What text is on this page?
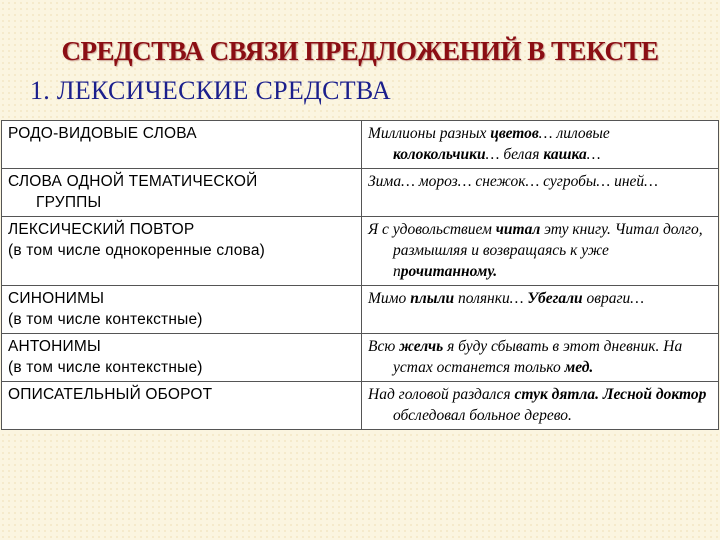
СРЕДСТВА СВЯЗИ ПРЕДЛОЖЕНИЙ В ТЕКСТЕ
1. ЛЕКСИЧЕСКИЕ СРЕДСТВА
РОДО-ВИДОВЫЕ СЛОВА	Миллионы разных цветов… лиловые колокольчики… белая кашка…

СЛОВА ОДНОЙ ТЕМАТИЧЕСКОЙ
ГРУППЫ	Зима… мороз… снежок… сугробы… иней…

ЛЕКСИЧЕСКИЙ ПОВТОР
(в том числе однокоренные слова)	Я с удовольствием читал эту книгу. Читал долго, размышляя и возвращаясь к уже прочитанному.

СИНОНИМЫ
(в том числе контекстные)	Мимо плыли полянки… Убегали овраги…

АНТОНИМЫ
(в том числе контекстные)	Всю желчь я буду сбывать в этот дневник. На устах останется только мед.

ОПИСАТЕЛЬНЫЙ ОБОРОТ	Над головой раздался стук дятла. Лесной доктор обследовал больное дерево.
